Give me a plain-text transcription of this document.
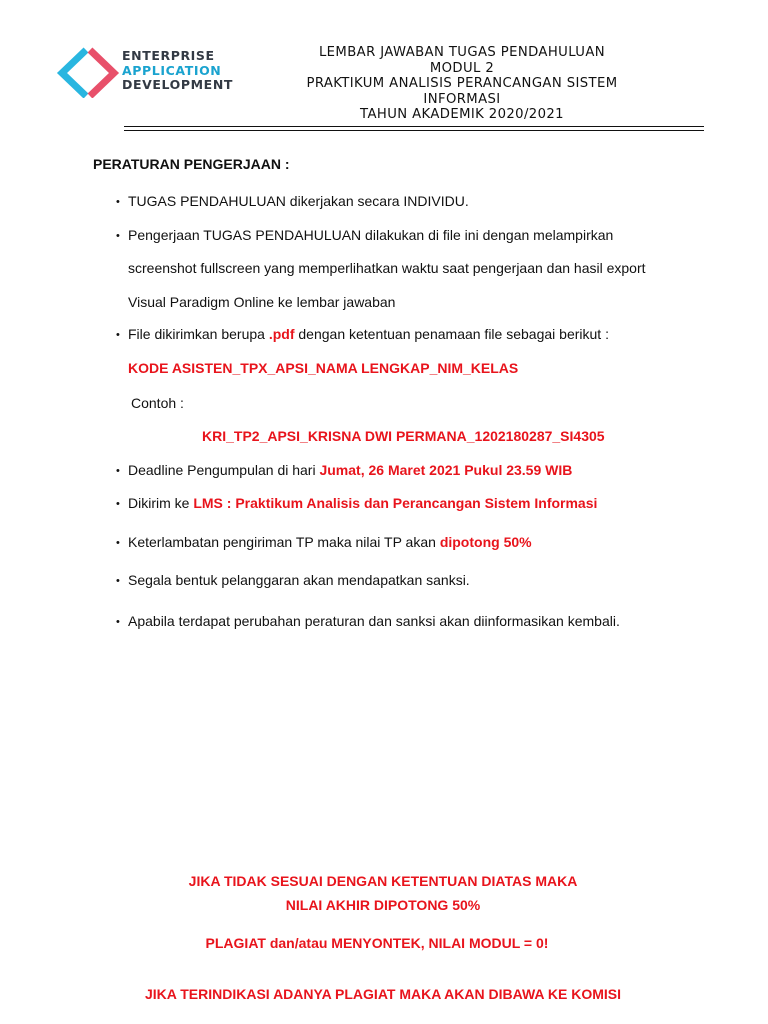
ENTERPRISE
APPLICATION
DEVELOPMENT
LEMBAR JAWABAN TUGAS PENDAHULUAN
MODUL 2
PRAKTIKUM ANALISIS PERANCANGAN SISTEM
INFORMASI
TAHUN AKADEMIK 2020/2021
PERATURAN PENGERJAAN :
• TUGAS PENDAHULUAN dikerjakan secara INDIVIDU.
• Pengerjaan TUGAS PENDAHULUAN dilakukan di file ini dengan melampirkan
screenshot fullscreen yang memperlihatkan waktu saat pengerjaan dan hasil export
Visual Paradigm Online ke lembar jawaban
• File dikirimkan berupa .pdf dengan ketentuan penamaan file sebagai berikut :
KODE ASISTEN_TPX_APSI_NAMA LENGKAP_NIM_KELAS
Contoh :
KRI_TP2_APSI_KRISNA DWI PERMANA_1202180287_SI4305
• Deadline Pengumpulan di hari Jumat, 26 Maret 2021 Pukul 23.59 WIB
• Dikirim ke LMS : Praktikum Analisis dan Perancangan Sistem Informasi
• Keterlambatan pengiriman TP maka nilai TP akan dipotong 50%
• Segala bentuk pelanggaran akan mendapatkan sanksi.
• Apabila terdapat perubahan peraturan dan sanksi akan diinformasikan kembali.
JIKA TIDAK SESUAI DENGAN KETENTUAN DIATAS MAKA
NILAI AKHIR DIPOTONG 50%
PLAGIAT dan/atau MENYONTEK, NILAI MODUL = 0!
JIKA TERINDIKASI ADANYA PLAGIAT MAKA AKAN DIBAWA KE KOMISI
